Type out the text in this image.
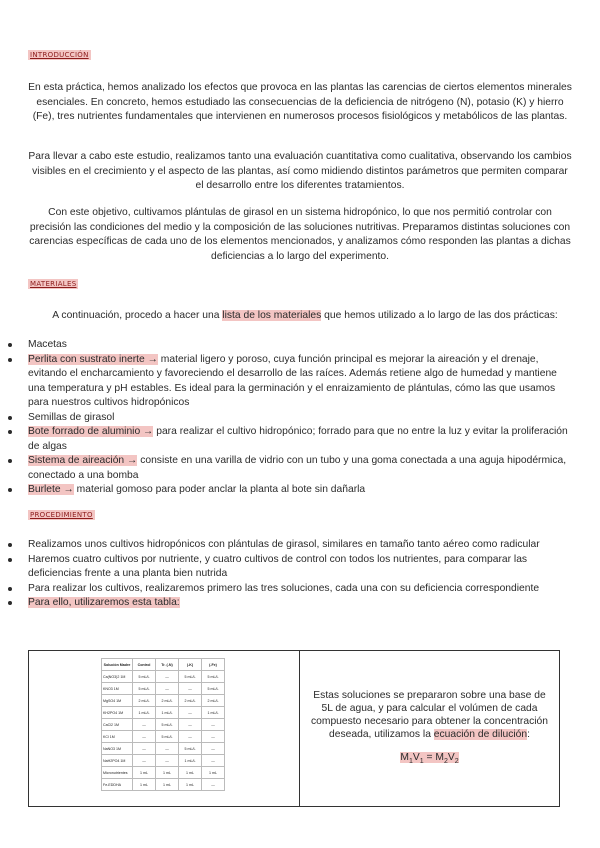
INTRODUCCIÓN

En esta práctica, hemos analizado los efectos que provoca en las plantas las carencias de ciertos elementos minerales esenciales. En concreto, hemos estudiado las consecuencias de la deficiencia de nitrógeno (N), potasio (K) y hierro (Fe), tres nutrientes fundamentales que intervienen en numerosos procesos fisiológicos y metabólicos de las plantas.

Para llevar a cabo este estudio, realizamos tanto una evaluación cuantitativa como cualitativa, observando los cambios visibles en el crecimiento y el aspecto de las plantas, así como midiendo distintos parámetros que permiten comparar el desarrollo entre los diferentes tratamientos.

Con este objetivo, cultivamos plántulas de girasol en un sistema hidropónico, lo que nos permitió controlar con precisión las condiciones del medio y la composición de las soluciones nutritivas. Preparamos distintas soluciones con carencias específicas de cada uno de los elementos mencionados, y analizamos cómo responden las plantas a dichas deficiencias a lo largo del experimento.

MATERIALES

A continuación, procedo a hacer una lista de los materiales que hemos utilizado a lo largo de las dos prácticas:

Macetas
Perlita con sustrato inerte → material ligero y poroso, cuya función principal es mejorar la aireación y el drenaje, evitando el encharcamiento y favoreciendo el desarrollo de las raíces. Además retiene algo de humedad y mantiene una temperatura y pH estables. Es ideal para la germinación y el enraizamiento de plántulas, cómo las que usamos para nuestros cultivos hidropónicos
Semillas de girasol
Bote forrado de aluminio → para realizar el cultivo hidropónico; forrado para que no entre la luz y evitar la proliferación de algas
Sistema de aireación → consiste en una varilla de vidrio con un tubo y una goma conectada a una aguja hipodérmica, conectado a una bomba
Burlete → material gomoso para poder anclar la planta al bote sin dañarla
PROCEDIMIENTO
Realizamos unos cultivos hidropónicos con plántulas de girasol, similares en tamaño tanto aéreo como radicular
Haremos cuatro cultivos por nutriente, y cuatro cultivos de control con todos los nutrientes, para comparar las deficiencias frente a una planta bien nutrida
Para realizar los cultivos, realizaremos primero las tres soluciones, cada una con su deficiencia correspondiente
Para ello, utilizaremos esta tabla:
Solución Madre	Control	Tr. (-N)	(-K)	(-Fe)
Ca(NO3)2 1M	5 mL/L	—	5 mL/L	5 mL/L
KNO3 1M	5 mL/L	—	—	5 mL/L
MgSO4 1M	2 mL/L	2 mL/L	2 mL/L	2 mL/L
KH2PO4 1M	1 mL/L	1 mL/L	—	1 mL/L
CaCl2 1M	—	5 mL/L	—	—
KCl 1M	—	5 mL/L	—	—
NaNO3 1M	—	—	5 mL/L	—
NaH2PO4 1M	—	—	1 mL/L	—
Micronutrientes	1 mL	1 mL	1 mL	1 mL
Fe-EDDHA	1 mL	1 mL	1 mL	—
Estas soluciones se prepararon sobre una base de 5L de agua, y para calcular el volúmen de cada compuesto necesario para obtener la concentración deseada, utilizamos la ecuación de dilución:
$M_1V_1 = M_2V_2$
